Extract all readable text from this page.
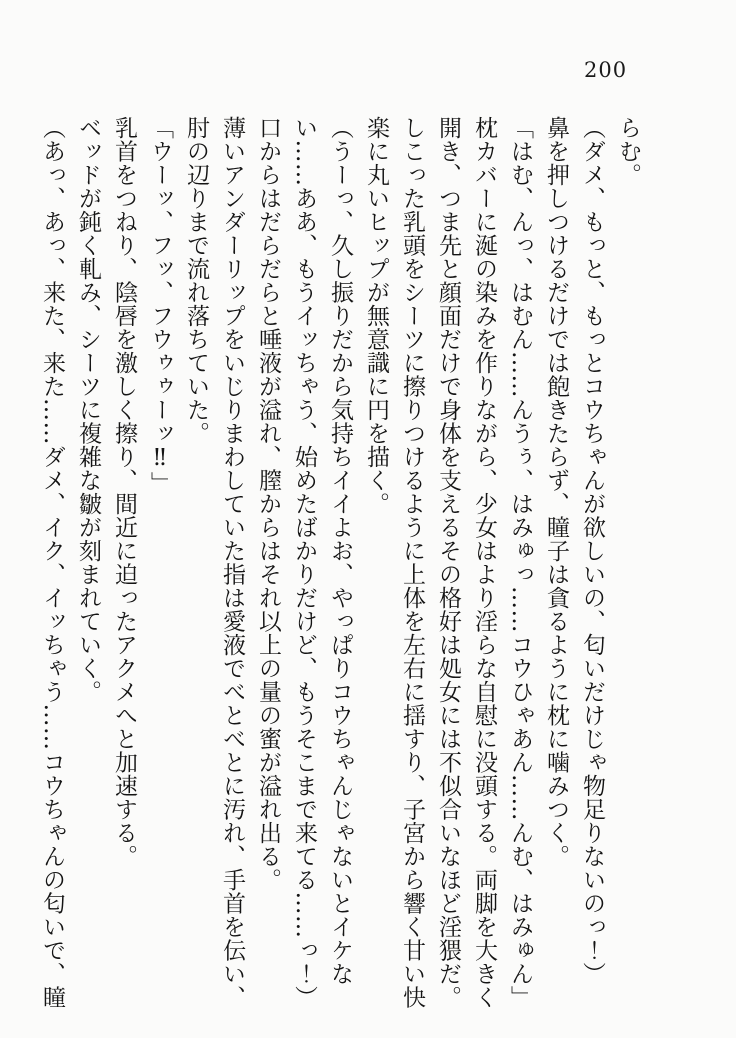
200

らむ。

（ダメ、もっと、もっとコウちゃんが欲しいの、匂いだけじゃ物足りないのっ！）

鼻を押しつけるだけでは飽きたらず、瞳子は貪るように枕に噛みつく。

「はむ、んっ、はむん……んうぅ、はみゅっ……コウひゃあん……んむ、はみゅん」

枕カバーに涎の染みを作りながら、少女はより淫らな自慰に没頭する。両脚を大きく開き、つま先と顔面だけで身体を支えるその格好は処女には不似合いなほど淫猥だ。

しこった乳頭をシーツに擦りつけるように上体を左右に揺すり、子宮から響く甘い快楽に丸いヒップが無意識に円を描く。

（うーっ、久し振りだから気持ちイイよお、やっぱりコウちゃんじゃないとイケない……ああ、もうイッちゃう、始めたばかりだけど、もうそこまで来てる……っ！）

口からはだらだらと唾液が溢れ、膣からはそれ以上の量の蜜が溢れ出る。

薄いアンダーリップをいじりまわしていた指は愛液でべとべとに汚れ、手首を伝い、肘の辺りまで流れ落ちていた。

「ウーッ、フッ、フウゥゥーッ‼」

乳首をつねり、陰唇を激しく擦り、間近に迫ったアクメへと加速する。

ベッドが鈍く軋み、シーツに複雑な皺が刻まれていく。

（あっ、あっ、来た、来た……ダメ、イク、イッちゃう……コウちゃんの匂いで、瞳
